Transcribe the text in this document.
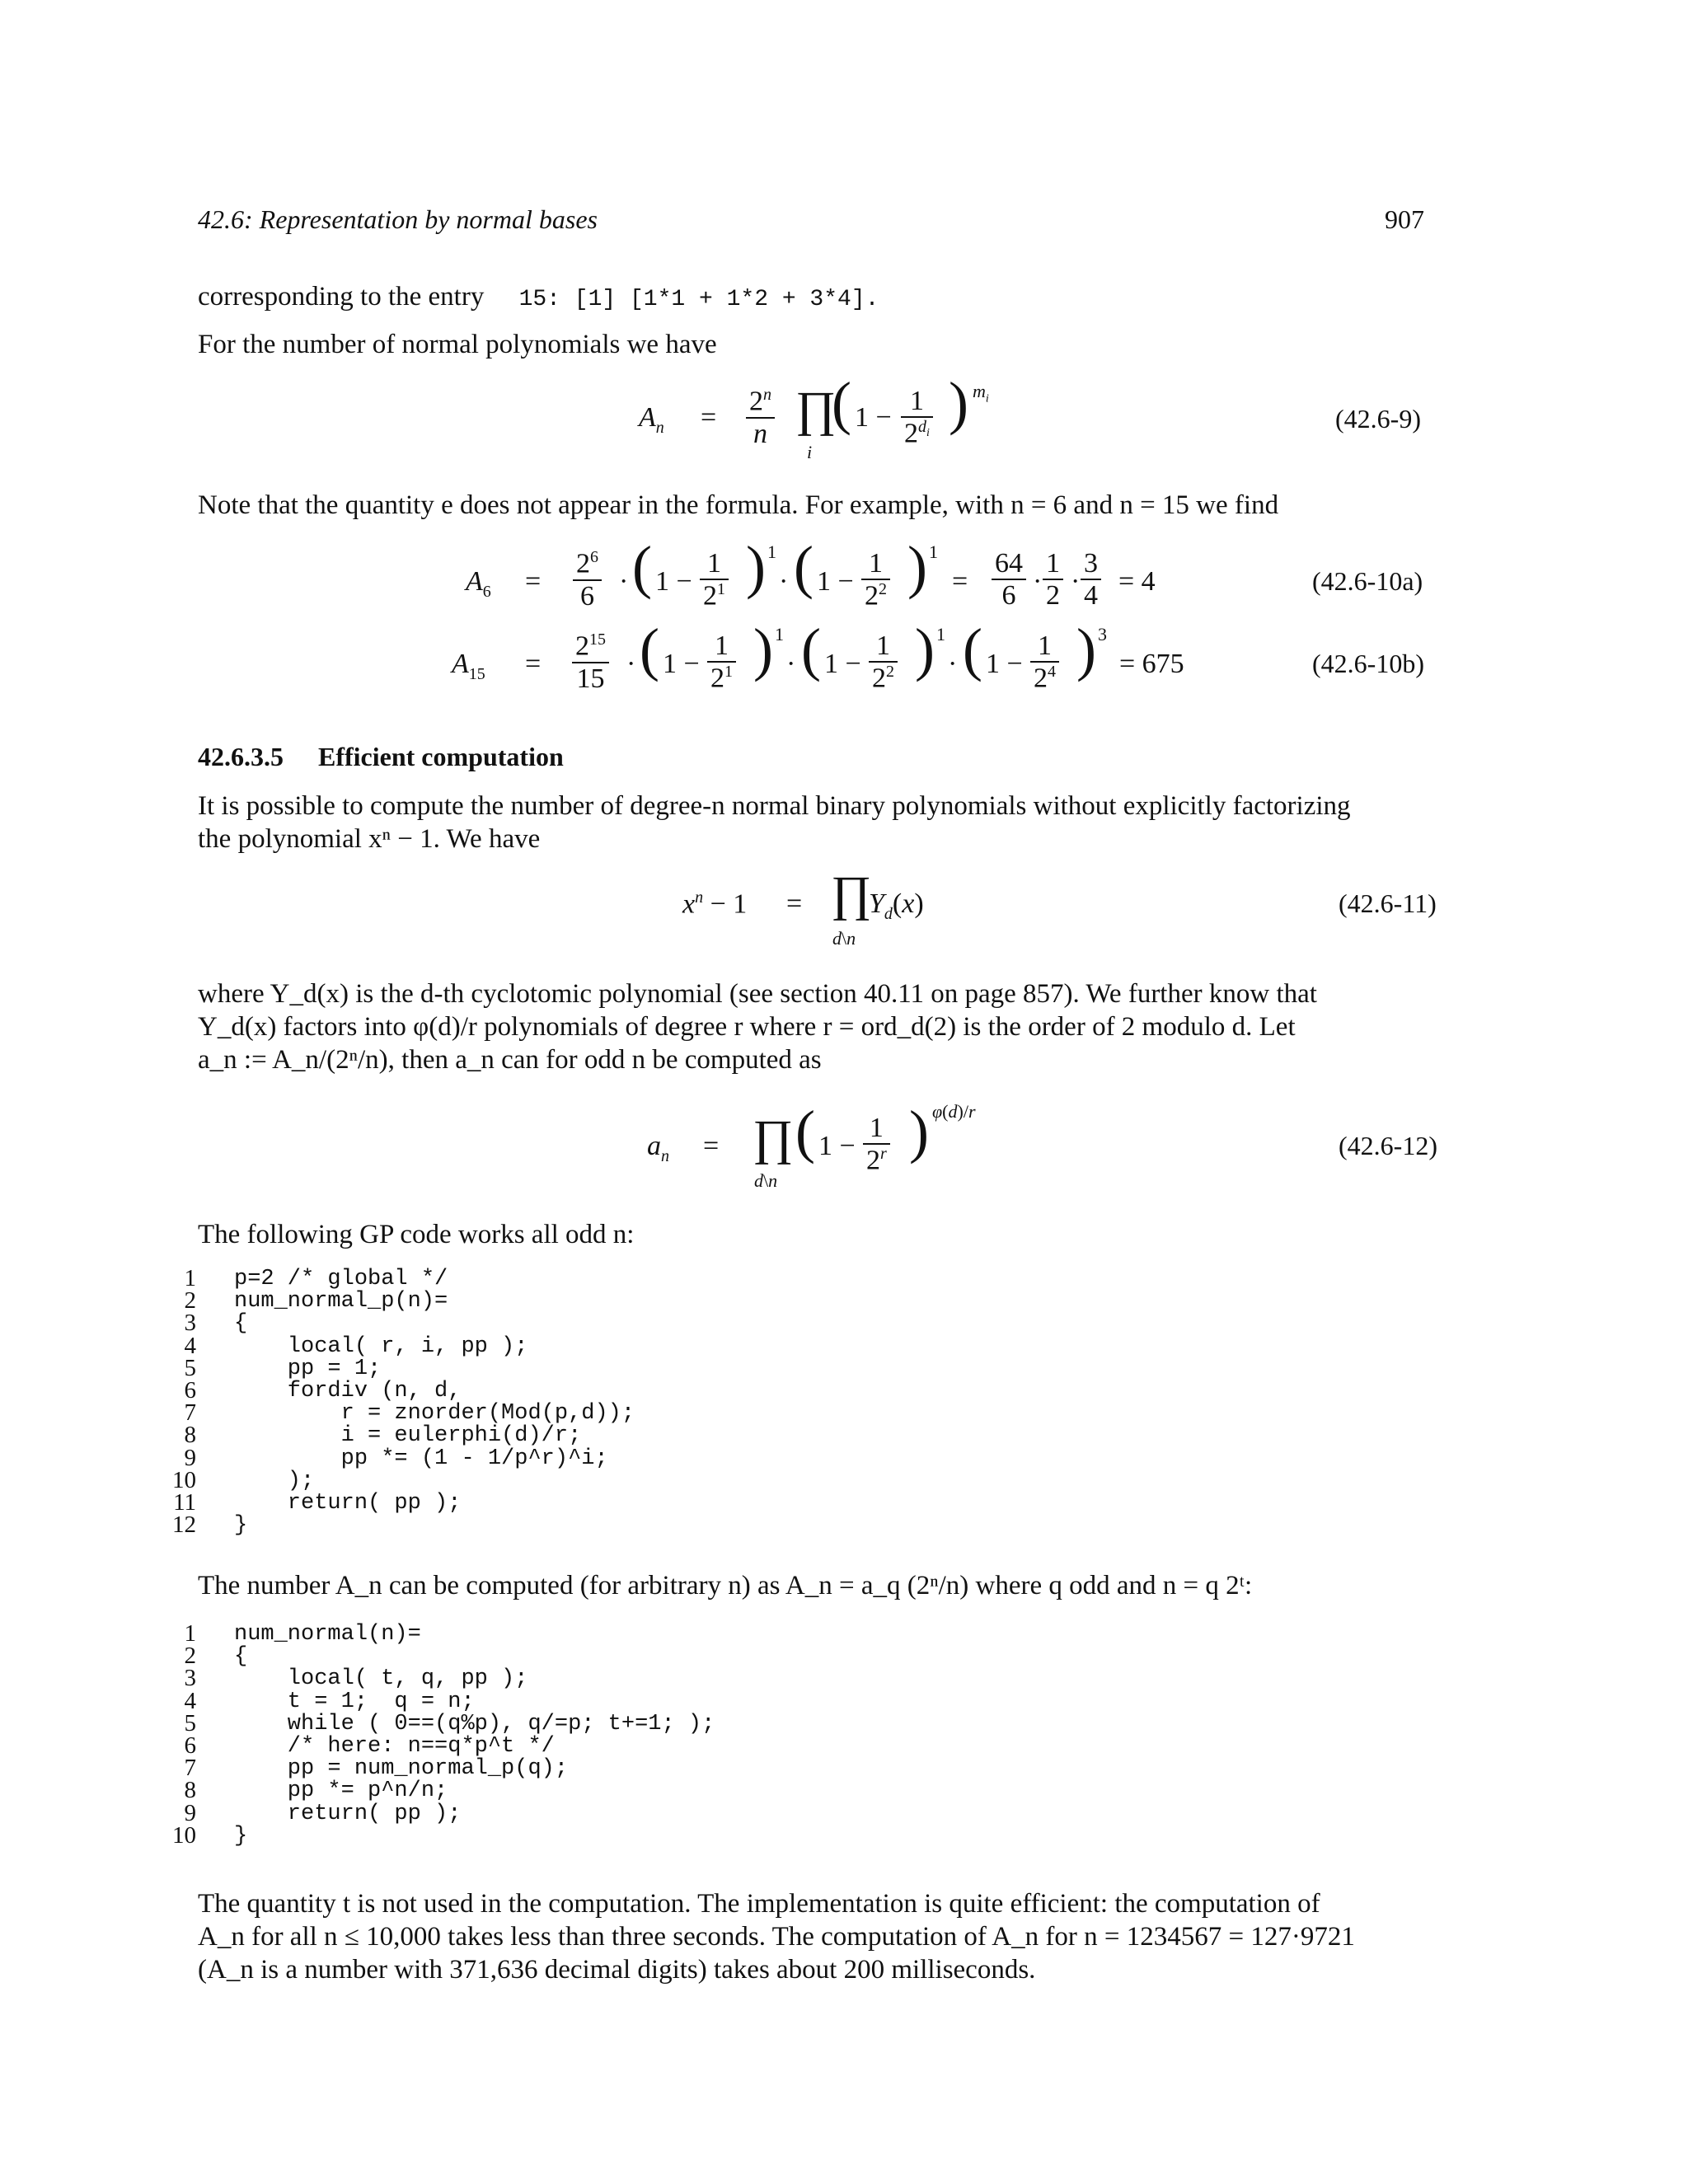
42.6: Representation by normal bases	907
corresponding to the entry 15: [1] [1*1 + 1*2 + 3*4].
For the number of normal polynomials we have
$A_n = \frac{2^n}{n}$ ∏
i
( $1 - \frac{1}{2^{d_i}}$ ) $m_i$
(42.6-9)
Note that the quantity e does not appear in the formula. For example, with n = 6 and n = 15 we find
$A_6 = \frac{2^6}{6}$ · ( $1 - \frac{1}{2^1}$ ) 1
· ( $1 - \frac{1}{2^2}$ ) 1
= $\frac{64}{6} \cdot \frac{1}{2} \cdot \frac{3}{4} = 4$	(42.6-10a)
$A_{15} = \frac{2^{15}}{15}$ · ( $1 - \frac{1}{2^1}$ ) 1
· ( $1 - \frac{1}{2^2}$ ) 1
· ( $1 - \frac{1}{2^4}$ ) 3
= 675	(42.6-10b)
42.6.3.5 Efficient computation
It is possible to compute the number of degree-n normal binary polynomials without explicitly factorizing
the polynomial xⁿ − 1. We have
$x^n - 1$ = ∏
d\n
$Y_d(x)$	(42.6-11)
where Y_d(x) is the d-th cyclotomic polynomial (see section 40.11 on page 857). We further know that
Y_d(x) factors into φ(d)/r polynomials of degree r where r = ord_d(2) is the order of 2 modulo d. Let
a_n := A_n/(2ⁿ/n), then a_n can for odd n be computed as
$a_n$ = ∏
d\n
( $1 - \frac{1}{2^r}$ ) φ(d)/r
(42.6-12)
The following GP code works all odd n:
1 p=2 /* global */
2 num_normal_p(n)=
3 {
4 local( r, i, pp );
5 pp = 1;
6 fordiv (n, d,
7 r = znorder(Mod(p,d));
8 i = eulerphi(d)/r;
9 pp *= (1 - 1/p^r)^i;
10 );
11 return( pp );
12 }
The number A_n can be computed (for arbitrary n) as A_n = a_q (2ⁿ/n) where q odd and n = q 2ᵗ:
1 num_normal(n)=
2 {
3 local( t, q, pp );
4 t = 1;  q = n;
5 while ( 0==(q%p), q/=p; t+=1; );
6 /* here: n==q*p^t */
7 pp = num_normal_p(q);
8 pp *= p^n/n;
9 return( pp );
10 }
The quantity t is not used in the computation. The implementation is quite efficient: the computation of
A_n for all n ≤ 10,000 takes less than three seconds. The computation of A_n for n = 1234567 = 127·9721
(A_n is a number with 371,636 decimal digits) takes about 200 milliseconds.
